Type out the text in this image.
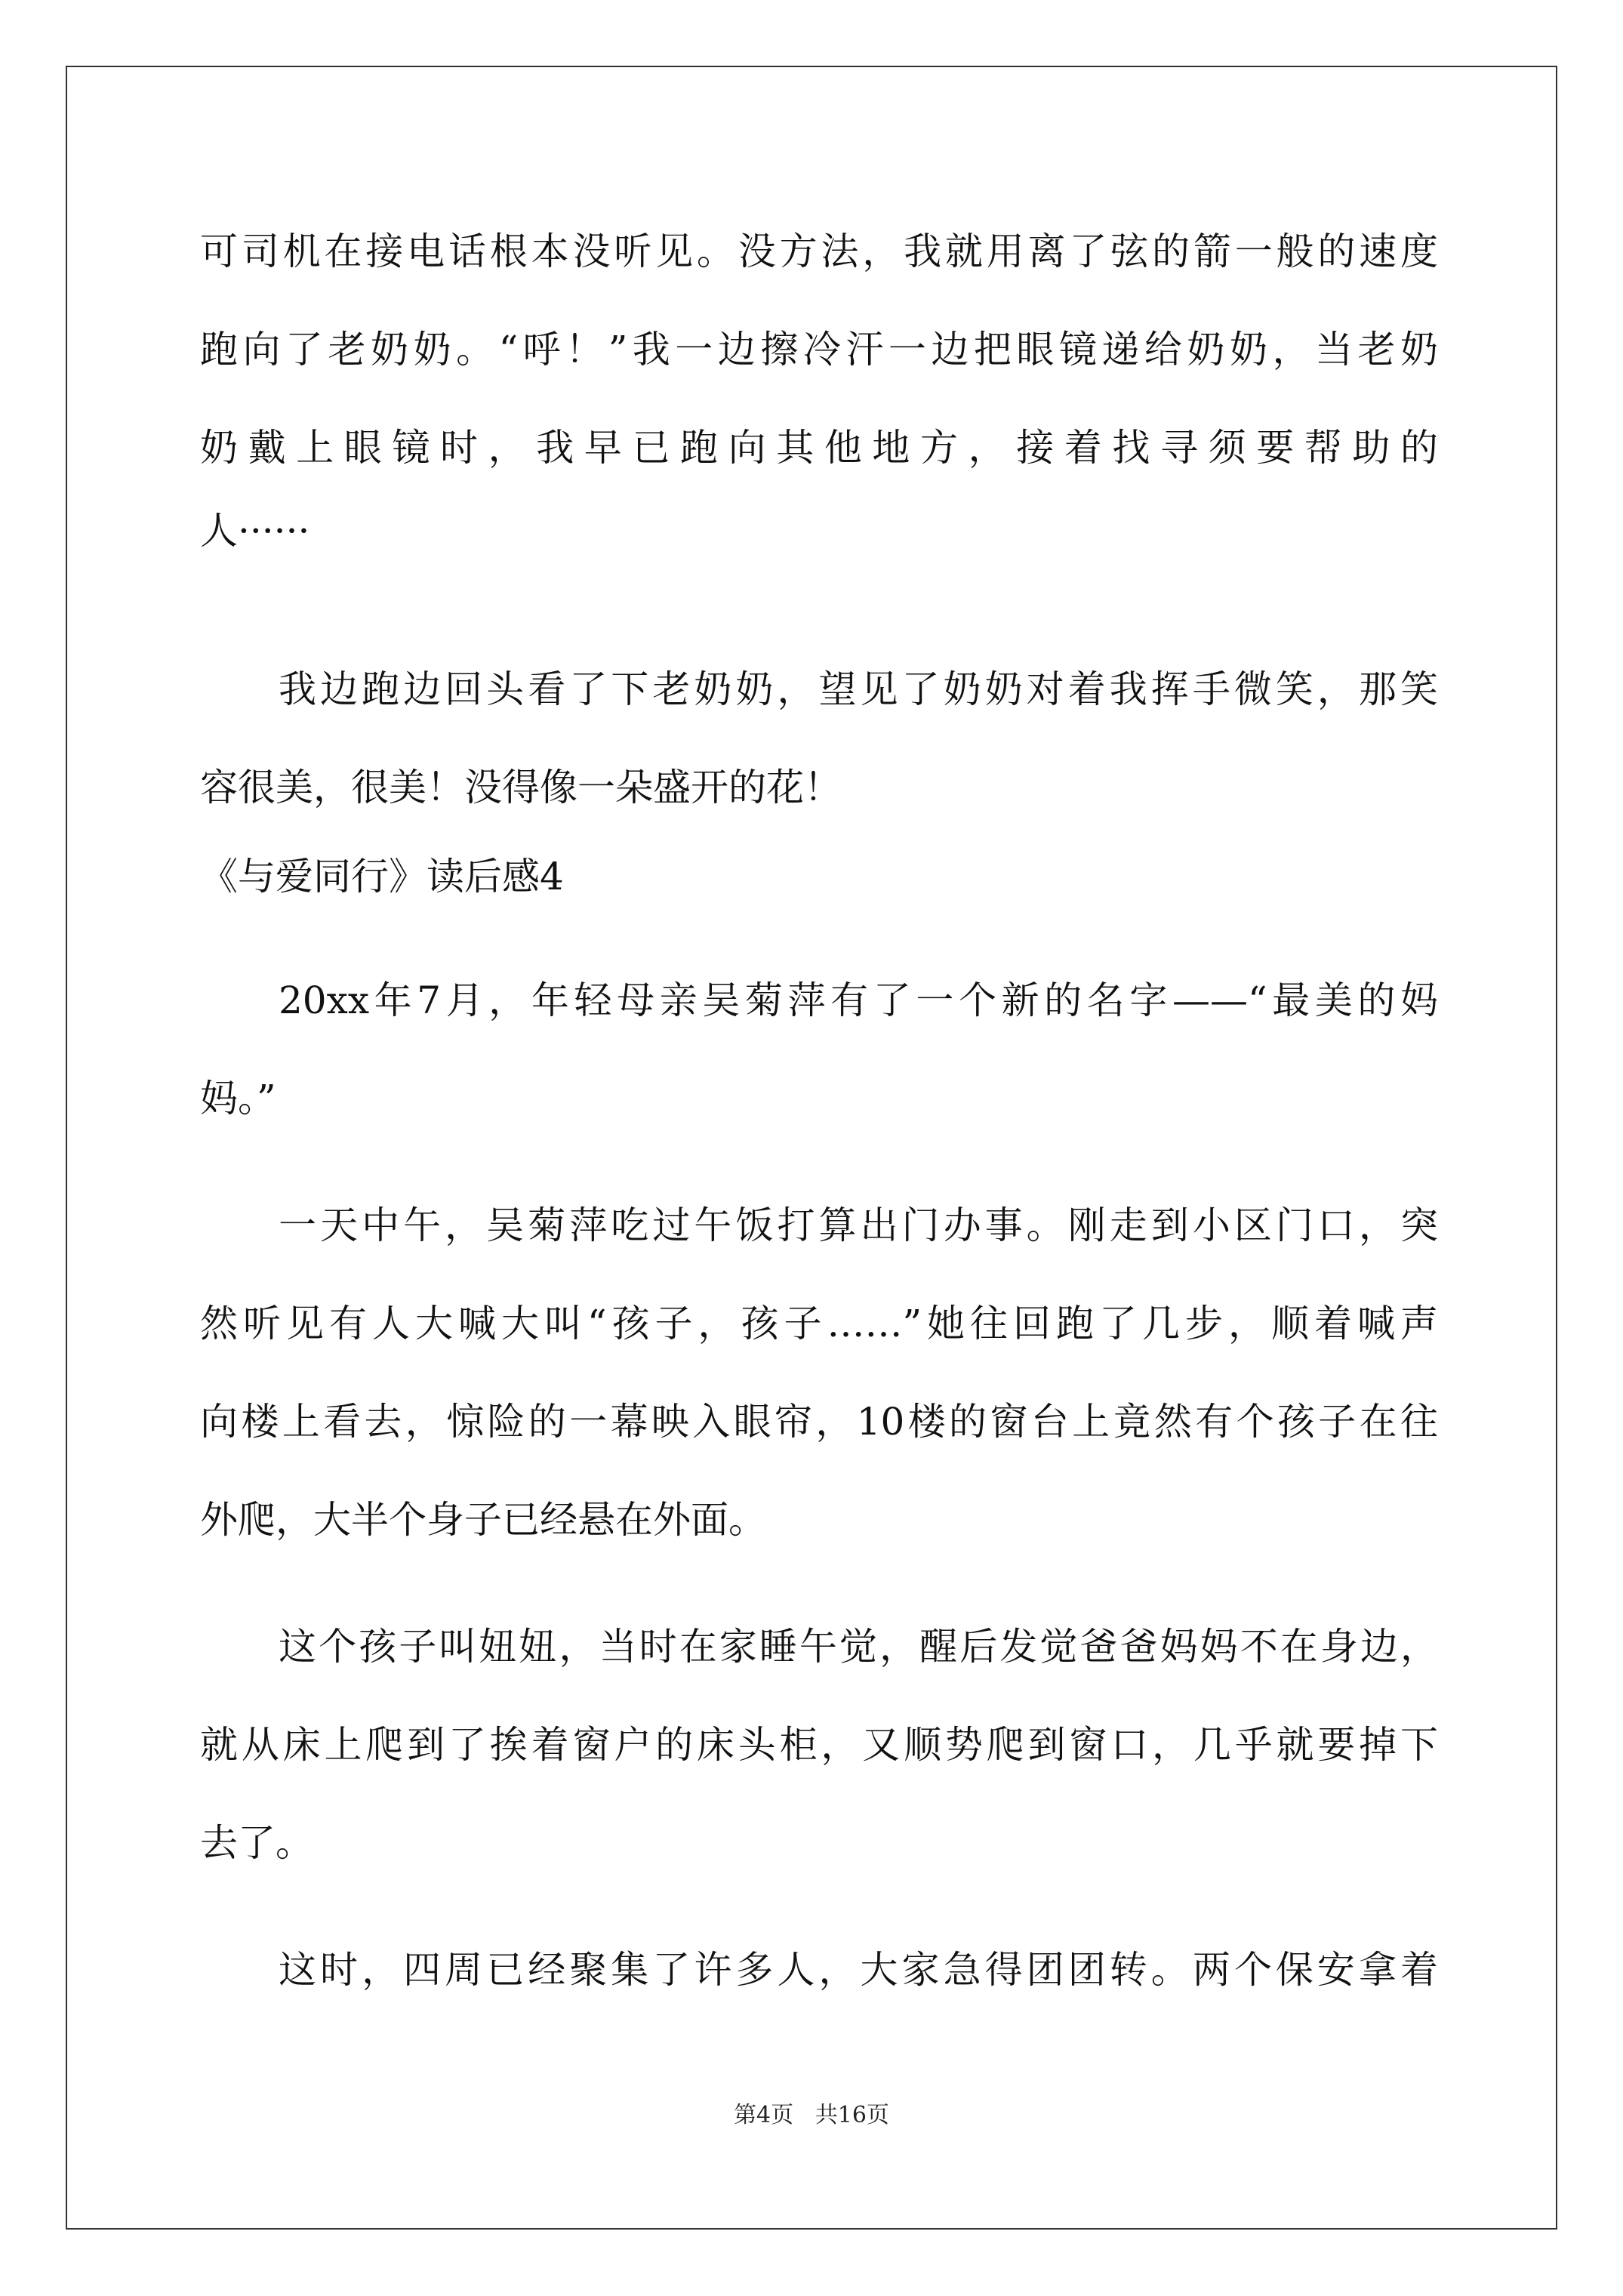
可司机在接电话根本没听见。没方法，我就用离了弦的箭一般的速度
跑向了老奶奶。“呼！”我一边擦冷汗一边把眼镜递给奶奶，当老奶
奶戴上眼镜时，我早已跑向其他地方，接着找寻须要帮助的
人······
我边跑边回头看了下老奶奶，望见了奶奶对着我挥手微笑，那笑
容很美，很美！没得像一朵盛开的花！
《与爱同行》读后感4
20xx年7月，年轻母亲吴菊萍有了一个新的名字——“最美的妈
妈。”
一天中午，吴菊萍吃过午饭打算出门办事。刚走到小区门口，突
然听见有人大喊大叫“孩子，孩子……”她往回跑了几步，顺着喊声
向楼上看去，惊险的一幕映入眼帘，10楼的窗台上竟然有个孩子在往
外爬，大半个身子已经悬在外面。
这个孩子叫妞妞，当时在家睡午觉，醒后发觉爸爸妈妈不在身边，
就从床上爬到了挨着窗户的床头柜，又顺势爬到窗口，几乎就要掉下
去了。
这时，四周已经聚集了许多人，大家急得团团转。两个保安拿着
第4页   共16页
